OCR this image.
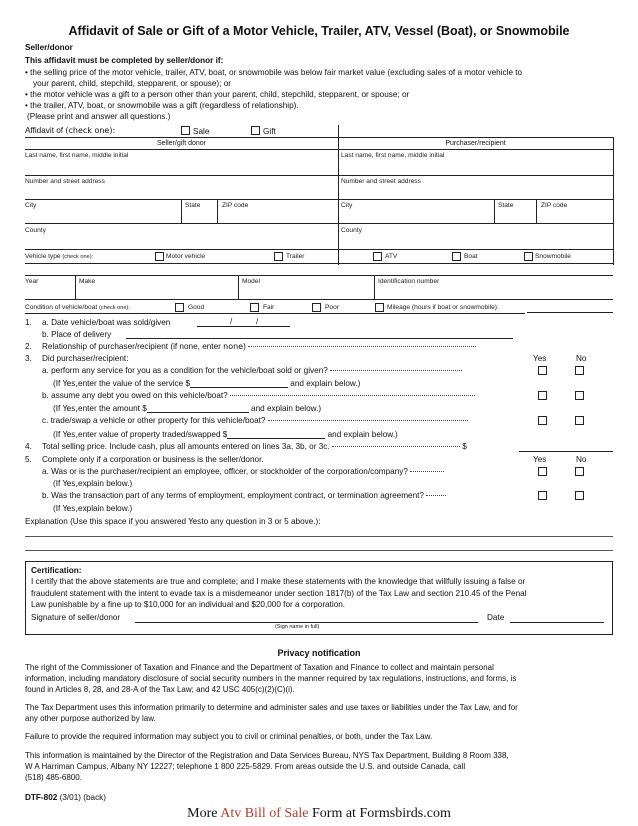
Affidavit of Sale or Gift of a Motor Vehicle, Trailer, ATV, Vessel (Boat), or Snowmobile
Seller/donor
This affidavit must be completed by seller/donor if:
• the selling price of the motor vehicle, trailer, ATV, boat, or snowmobile was below fair market value (excluding sales of a motor vehicle to
your parent, child, stepchild, stepparent, or spouse); or
• the motor vehicle was a gift to a person other than your parent, child, stepchild, stepparent, or spouse; or
• the trailer, ATV, boat, or snowmobile was a gift (regardless of relationship).
(Please print and answer all questions.)
Affidavit of (check one):	Sale	Gift
Seller/gift donor	Purchaser/recipient
Last name, first name, middle initial	Last name, first name, middle initial
Number and street address	Number and street address
City	State	ZIP code	City	State	ZIP code
County	County
Vehicle type (check one):	Motor vehicle	Trailer	ATV	Boat	Snowmobile
Year	Make	Model	Identification number
Condition of vehicle/boat (check one):	Good	Fair	Poor	Mileage (hours if boat or snowmobile):
1. a. Date vehicle/boat was sold/given	/	/
b. Place of delivery
2. Relationship of purchaser/recipient (if none, enter none)
3. Did purchaser/recipient:	Yes	No
a. perform any service for you as a condition for the vehicle/boat sold or given?
(If Yes,enter the value of the service $	and explain below.)
b. assume any debt you owed on this vehicle/boat?
(If Yes,enter the amount $	and explain below.)
c. trade/swap a vehicle or other property for this vehicle/boat?
(If Yes,enter value of property traded/swapped $	and explain below.)
4. Total selling price. Include cash, plus all amounts entered on lines 3a, 3b, or 3c.	$
5. Complete only if a corporation or business is the seller/donor.	Yes	No
a. Was or is the purchaser/recipient an employee, officer, or stockholder of the corporation/company?
(If Yes,explain below.)
b. Was the transaction part of any terms of employment, employment contract, or termination agreement?
(If Yes,explain below.)
Explanation (Use this space if you answered Yesto any question in 3 or 5 above.):
Certification:
I certify that the above statements are true and complete; and I make these statements with the knowledge that willfully issuing a false or
fraudulent statement with the intent to evade tax is a misdemeanor under section 1817(b) of the Tax Law and section 210.45 of the Penal
Law punishable by a fine up to $10,000 for an individual and $20,000 for a corporation.
Signature of seller/donor
(Sign name in full)
Date
Privacy notification
The right of the Commissioner of Taxation and Finance and the Department of Taxation and Finance to collect and maintain personal
information, including mandatory disclosure of social security numbers in the manner required by tax regulations, instructions, and forms, is
found in Articles 8, 28, and 28-A of the Tax Law; and 42 USC 405(c)(2)(C)(i).
The Tax Department uses this information primarily to determine and administer sales and use taxes or liabilities under the Tax Law, and for
any other purpose authorized by law.
Failure to provide the required information may subject you to civil or criminal penalties, or both, under the Tax Law.
This information is maintained by the Director of the Registration and Data Services Bureau, NYS Tax Department, Building 8 Room 338,
W A Harriman Campus, Albany NY 12227; telephone 1 800 225-5829. From areas outside the U.S. and outside Canada, call
(518) 485-6800.
DTF-802 (3/01) (back)
More Atv Bill of Sale Form at Formsbirds.com
